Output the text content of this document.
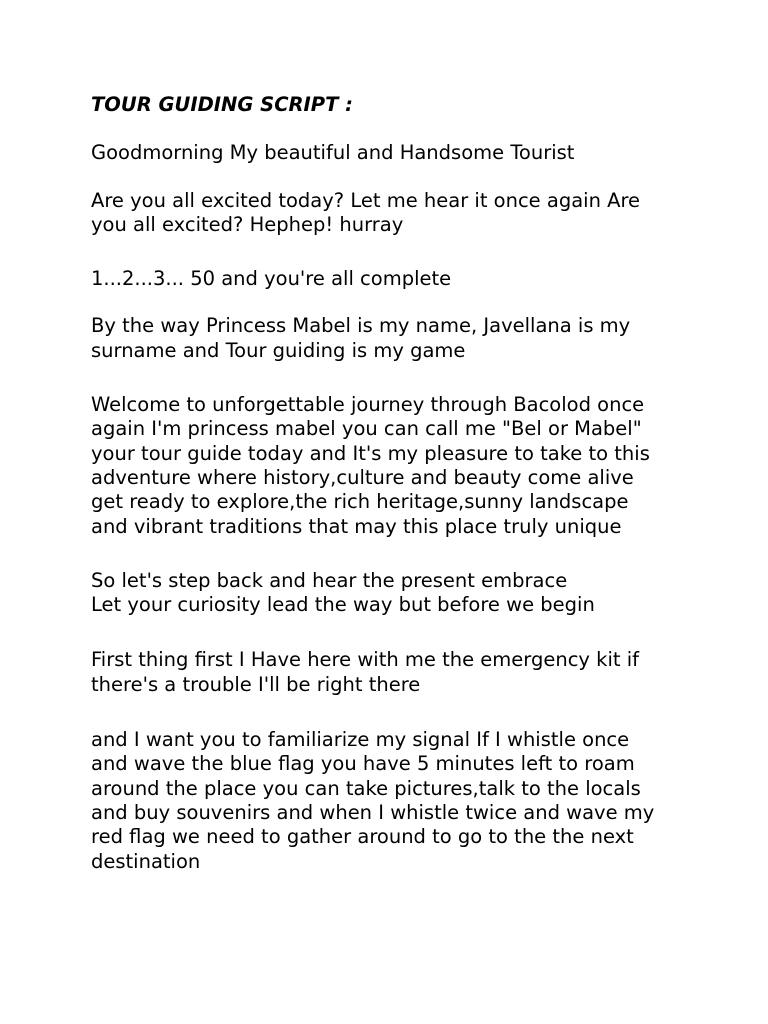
TOUR GUIDING SCRIPT :

Goodmorning My beautiful and Handsome Tourist

Are you all excited today? Let me hear it once again Are
you all excited? Hephep! hurray

1...2...3... 50 and you're all complete

By the way Princess Mabel is my name, Javellana is my
surname and Tour guiding is my game

Welcome to unforgettable journey through Bacolod once
again I'm princess mabel you can call me "Bel or Mabel"
your tour guide today and It's my pleasure to take to this
adventure where history,culture and beauty come alive
get ready to explore,the rich heritage,sunny landscape
and vibrant traditions that may this place truly unique

So let's step back and hear the present embrace
Let your curiosity lead the way but before we begin

First thing first I Have here with me the emergency kit if
there's a trouble I'll be right there

and I want you to familiarize my signal If I whistle once
and wave the blue flag you have 5 minutes left to roam
around the place you can take pictures,talk to the locals
and buy souvenirs and when I whistle twice and wave my
red flag we need to gather around to go to the the next
destination
